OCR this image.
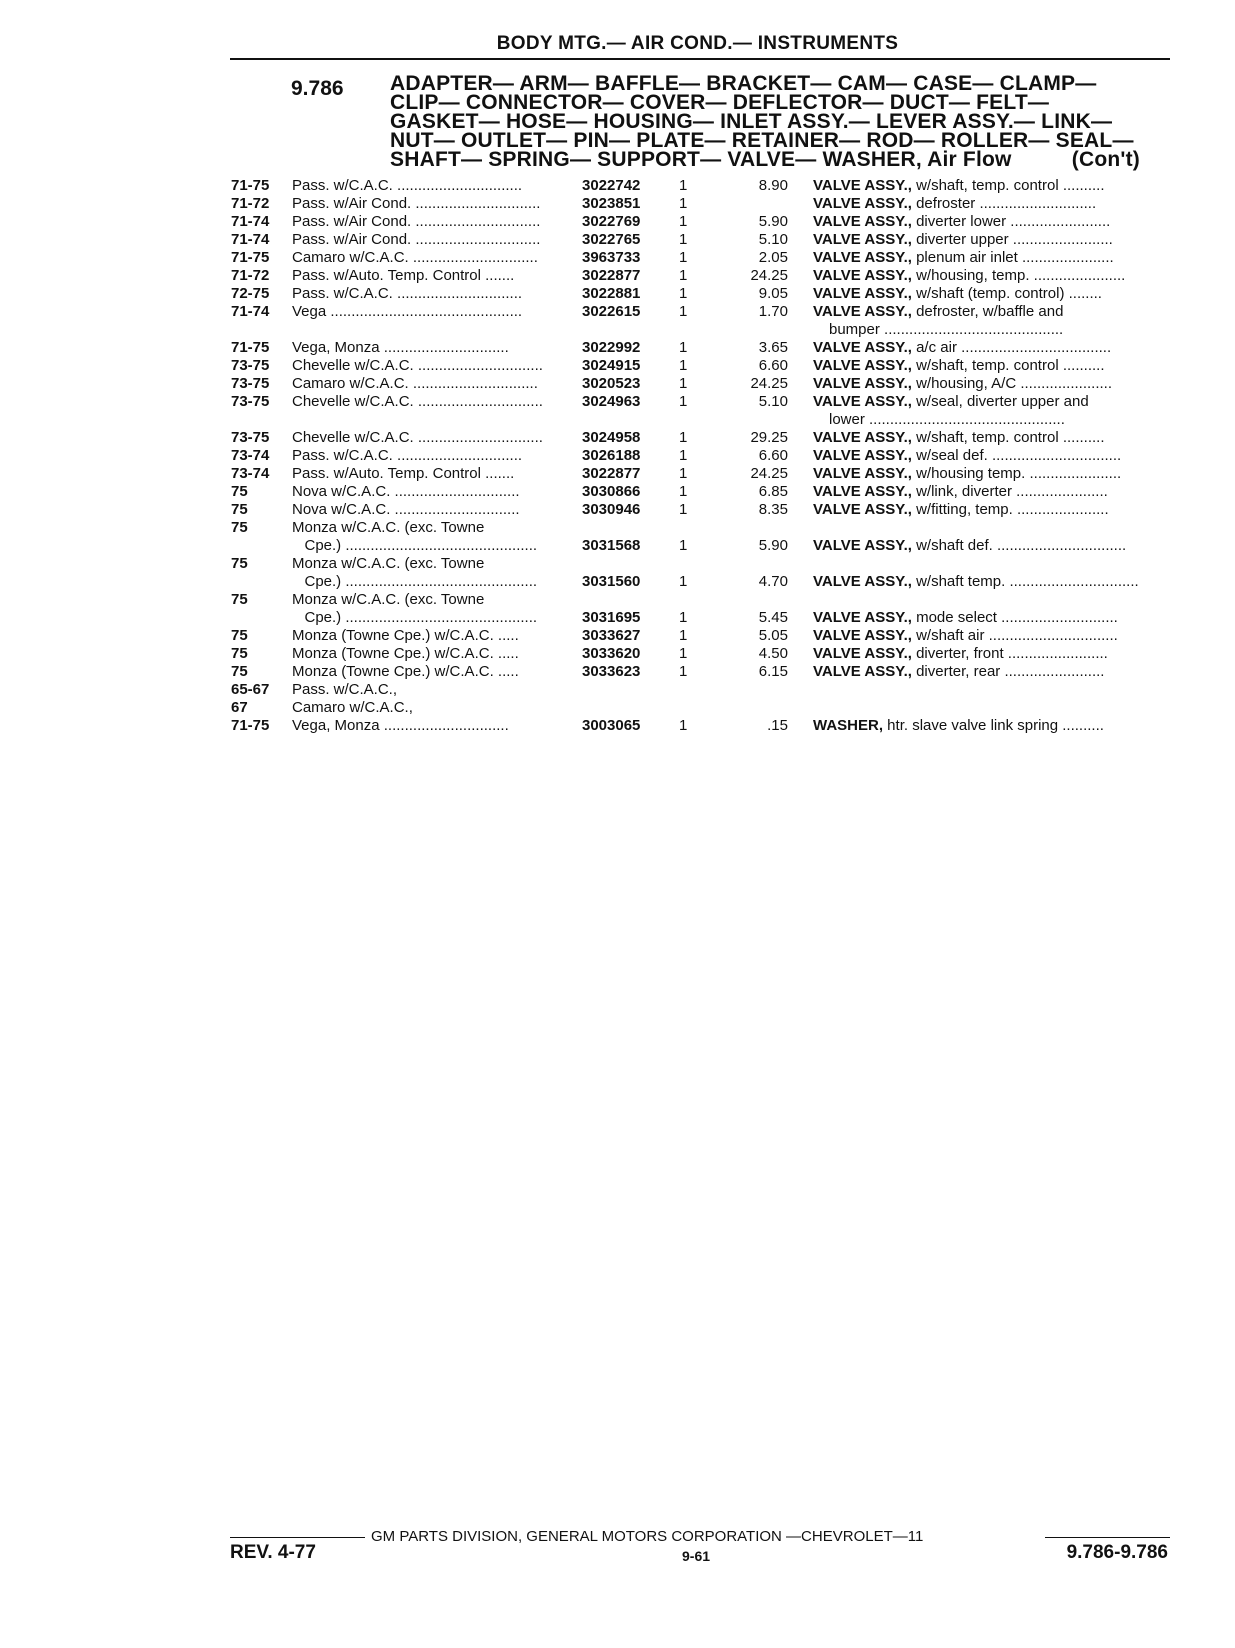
BODY MTG.— AIR COND.— INSTRUMENTS
9.786 ADAPTER— ARM— BAFFLE— BRACKET— CAM— CASE— CLAMP—
CLIP— CONNECTOR— COVER— DEFLECTOR— DUCT— FELT—
GASKET— HOSE— HOUSING— INLET ASSY.— LEVER ASSY.— LINK—
NUT— OUTLET— PIN— PLATE— RETAINER— ROD— ROLLER— SEAL—
SHAFT— SPRING— SUPPORT— VALVE— WASHER, Air Flow	(Con't)
71-75 Pass. w/C.A.C. ..............................	3022742	1	8.90 VALVE ASSY., w/shaft, temp. control ..........
71-72 Pass. w/Air Cond. ..............................	3023851	1	VALVE ASSY., defroster ............................
71-74 Pass. w/Air Cond. ..............................	3022769	1	5.90 VALVE ASSY., diverter lower ........................
71-74 Pass. w/Air Cond. ..............................	3022765	1	5.10 VALVE ASSY., diverter upper ........................
71-75 Camaro w/C.A.C. ..............................	3963733	1	2.05 VALVE ASSY., plenum air inlet ......................
71-72 Pass. w/Auto. Temp. Control .......	3022877	1	24.25 VALVE ASSY., w/housing, temp. ......................
72-75 Pass. w/C.A.C. ..............................	3022881	1	9.05 VALVE ASSY., w/shaft (temp. control) ........
71-74 Vega ..............................................	3022615	1	1.70 VALVE ASSY., defroster, w/baffle and
bumper ...........................................
71-75 Vega, Monza ..............................	3022992	1	3.65 VALVE ASSY., a/c air ....................................
73-75 Chevelle w/C.A.C. ..............................	3024915	1	6.60 VALVE ASSY., w/shaft, temp. control ..........
73-75 Camaro w/C.A.C. ..............................	3020523	1	24.25 VALVE ASSY., w/housing, A/C ......................
73-75 Chevelle w/C.A.C. ..............................	3024963	1	5.10 VALVE ASSY., w/seal, diverter upper and
lower ...............................................
73-75 Chevelle w/C.A.C. ..............................	3024958	1	29.25 VALVE ASSY., w/shaft, temp. control ..........
73-74 Pass. w/C.A.C. ..............................	3026188	1	6.60 VALVE ASSY., w/seal def. ...............................
73-74 Pass. w/Auto. Temp. Control .......	3022877	1	24.25 VALVE ASSY., w/housing temp. ......................
75	Nova w/C.A.C. ..............................	3030866	1	6.85 VALVE ASSY., w/link, diverter ......................
75	Nova w/C.A.C. ..............................	3030946	1	8.35 VALVE ASSY., w/fitting, temp. ......................
75	Monza w/C.A.C. (exc. Towne
Cpe.) ..............................................	3031568	1	5.90 VALVE ASSY., w/shaft def. ...............................
75	Monza w/C.A.C. (exc. Towne
Cpe.) ..............................................	3031560	1	4.70 VALVE ASSY., w/shaft temp. ...............................
75	Monza w/C.A.C. (exc. Towne
Cpe.) ..............................................	3031695	1	5.45 VALVE ASSY., mode select ............................
75	Monza (Towne Cpe.) w/C.A.C. .....	3033627	1	5.05 VALVE ASSY., w/shaft air ...............................
75	Monza (Towne Cpe.) w/C.A.C. .....	3033620	1	4.50 VALVE ASSY., diverter, front ........................
75	Monza (Towne Cpe.) w/C.A.C. .....	3033623	1	6.15 VALVE ASSY., diverter, rear ........................
65-67 Pass. w/C.A.C.,
67	Camaro w/C.A.C.,
71-75 Vega, Monza ..............................	3003065	1	.15 WASHER, htr. slave valve link spring ..........
GM PARTS DIVISION, GENERAL MOTORS CORPORATION —CHEVROLET—11
REV. 4-77	9-61	9.786-9.786
